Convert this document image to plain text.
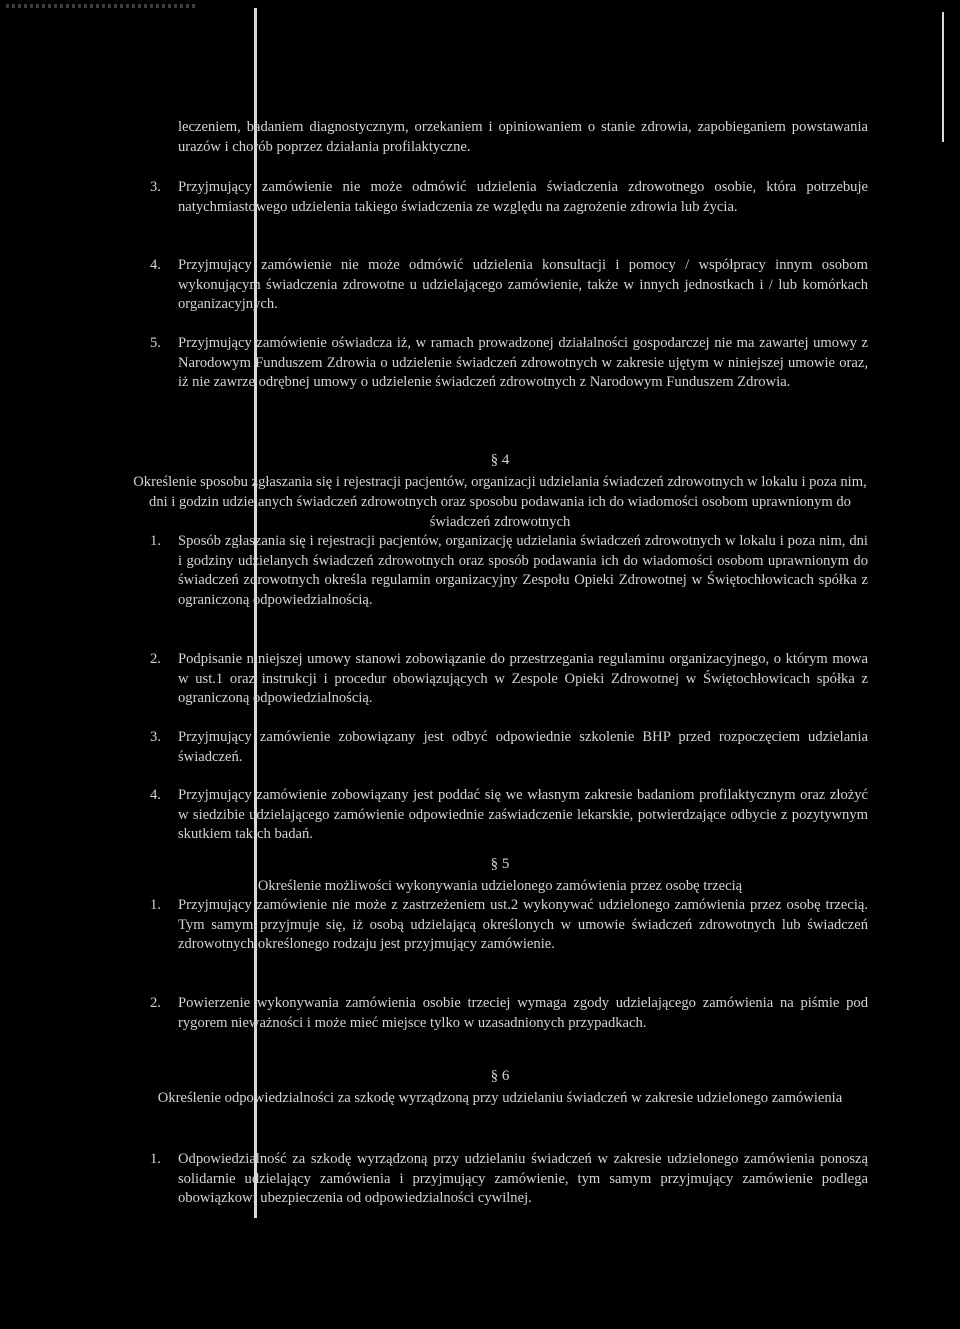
leczeniem, badaniem diagnostycznym, orzekaniem i opiniowaniem o stanie zdrowia, zapobieganiem powstawania urazów i chorób poprzez działania profilaktyczne.
3. Przyjmujący zamówienie nie może odmówić udzielenia świadczenia zdrowotnego osobie, która potrzebuje natychmiastowego udzielenia takiego świadczenia ze względu na zagrożenie zdrowia lub życia.
4. Przyjmujący zamówienie nie może odmówić udzielenia konsultacji i pomocy / współpracy innym osobom wykonującym świadczenia zdrowotne u udzielającego zamówienie, także w innych jednostkach i / lub komórkach organizacyjnych.
5. Przyjmujący zamówienie oświadcza iż, w ramach prowadzonej działalności gospodarczej nie ma zawartej umowy z Narodowym Funduszem Zdrowia o udzielenie świadczeń zdrowotnych w zakresie ujętym w niniejszej umowie oraz, iż nie zawrze odrębnej umowy o udzielenie świadczeń zdrowotnych z Narodowym Funduszem Zdrowia.
§ 4
Określenie sposobu zgłaszania się i rejestracji pacjentów, organizacji udzielania świadczeń zdrowotnych w lokalu i poza nim, dni i godzin udzielanych świadczeń zdrowotnych oraz sposobu podawania ich do wiadomości osobom uprawnionym do świadczeń zdrowotnych
1. Sposób zgłaszania się i rejestracji pacjentów, organizację udzielania świadczeń zdrowotnych w lokalu i poza nim, dni i godziny udzielanych świadczeń zdrowotnych oraz sposób podawania ich do wiadomości osobom uprawnionym do świadczeń zdrowotnych określa regulamin organizacyjny Zespołu Opieki Zdrowotnej w Świętochłowicach spółka z ograniczoną odpowiedzialnością.
2. Podpisanie niniejszej umowy stanowi zobowiązanie do przestrzegania regulaminu organizacyjnego, o którym mowa w ust.1 oraz instrukcji i procedur obowiązujących w Zespole Opieki Zdrowotnej w Świętochłowicach spółka z ograniczoną odpowiedzialnością.
3. Przyjmujący zamówienie zobowiązany jest odbyć odpowiednie szkolenie BHP przed rozpoczęciem udzielania świadczeń.
4. Przyjmujący zamówienie zobowiązany jest poddać się we własnym zakresie badaniom profilaktycznym oraz złożyć w siedzibie udzielającego zamówienie odpowiednie zaświadczenie lekarskie, potwierdzające odbycie z pozytywnym skutkiem takich badań.
§ 5
Określenie możliwości wykonywania udzielonego zamówienia przez osobę trzecią
1. Przyjmujący zamówienie nie może z zastrzeżeniem ust.2 wykonywać udzielonego zamówienia przez osobę trzecią. Tym samym przyjmuje się, iż osobą udzielającą określonych w umowie świadczeń zdrowotnych lub świadczeń zdrowotnych określonego rodzaju jest przyjmujący zamówienie.
2. Powierzenie wykonywania zamówienia osobie trzeciej wymaga zgody udzielającego zamówienia na piśmie pod rygorem nieważności i może mieć miejsce tylko w uzasadnionych przypadkach.
§ 6
Określenie odpowiedzialności za szkodę wyrządzoną przy udzielaniu świadczeń w zakresie udzielonego zamówienia
1. Odpowiedzialność za szkodę wyrządzoną przy udzielaniu świadczeń w zakresie udzielonego zamówienia ponoszą solidarnie udzielający zamówienia i przyjmujący zamówienie, tym samym przyjmujący zamówienie podlega obowiązkowi ubezpieczenia od odpowiedzialności cywilnej.
